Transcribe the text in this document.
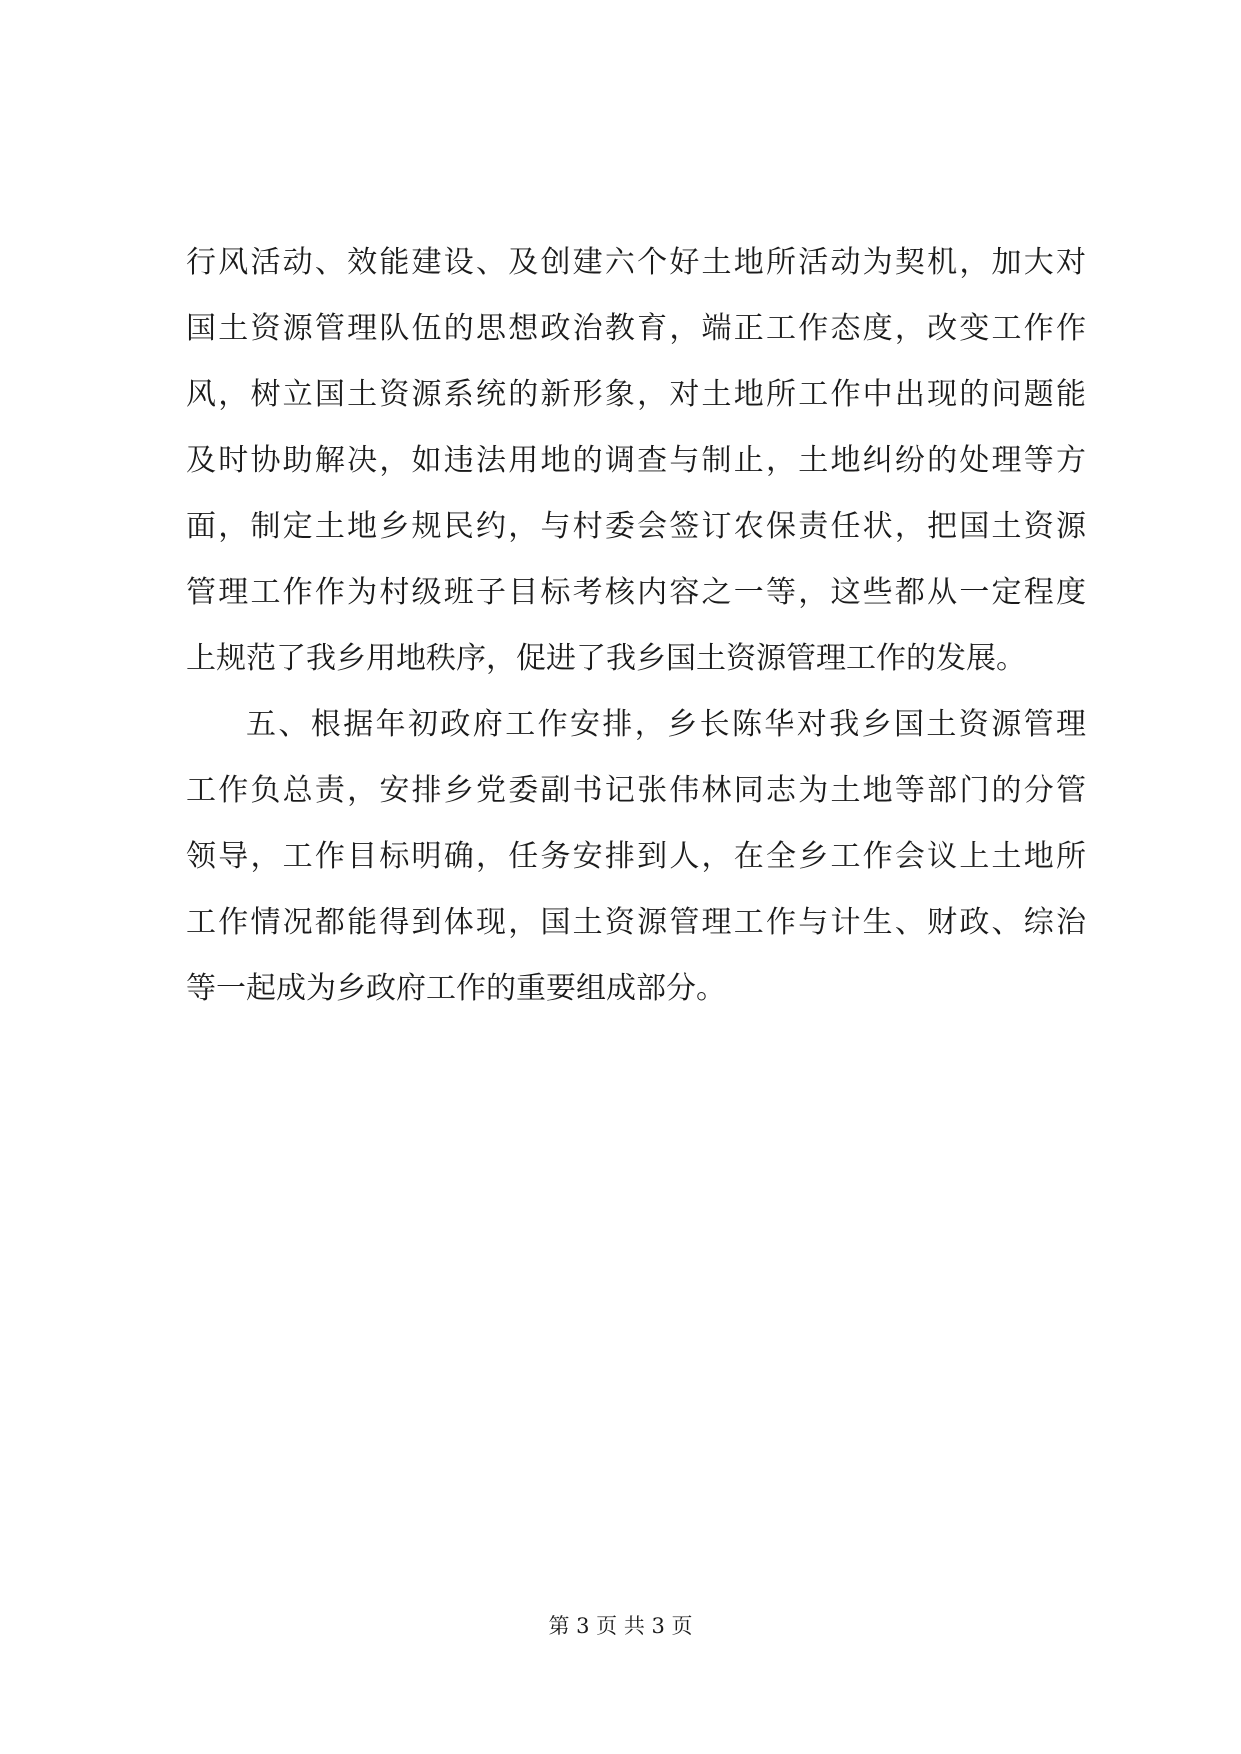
行风活动、效能建设、及创建六个好土地所活动为契机，加大对
国土资源管理队伍的思想政治教育，端正工作态度，改变工作作
风，树立国土资源系统的新形象，对土地所工作中出现的问题能
及时协助解决，如违法用地的调查与制止，土地纠纷的处理等方
面，制定土地乡规民约，与村委会签订农保责任状，把国土资源
管理工作作为村级班子目标考核内容之一等，这些都从一定程度
上规范了我乡用地秩序，促进了我乡国土资源管理工作的发展。
五、根据年初政府工作安排，乡长陈华对我乡国土资源管理
工作负总责，安排乡党委副书记张伟林同志为土地等部门的分管
领导，工作目标明确，任务安排到人，在全乡工作会议上土地所
工作情况都能得到体现，国土资源管理工作与计生、财政、综治
等一起成为乡政府工作的重要组成部分。
第 3 页 共 3 页
